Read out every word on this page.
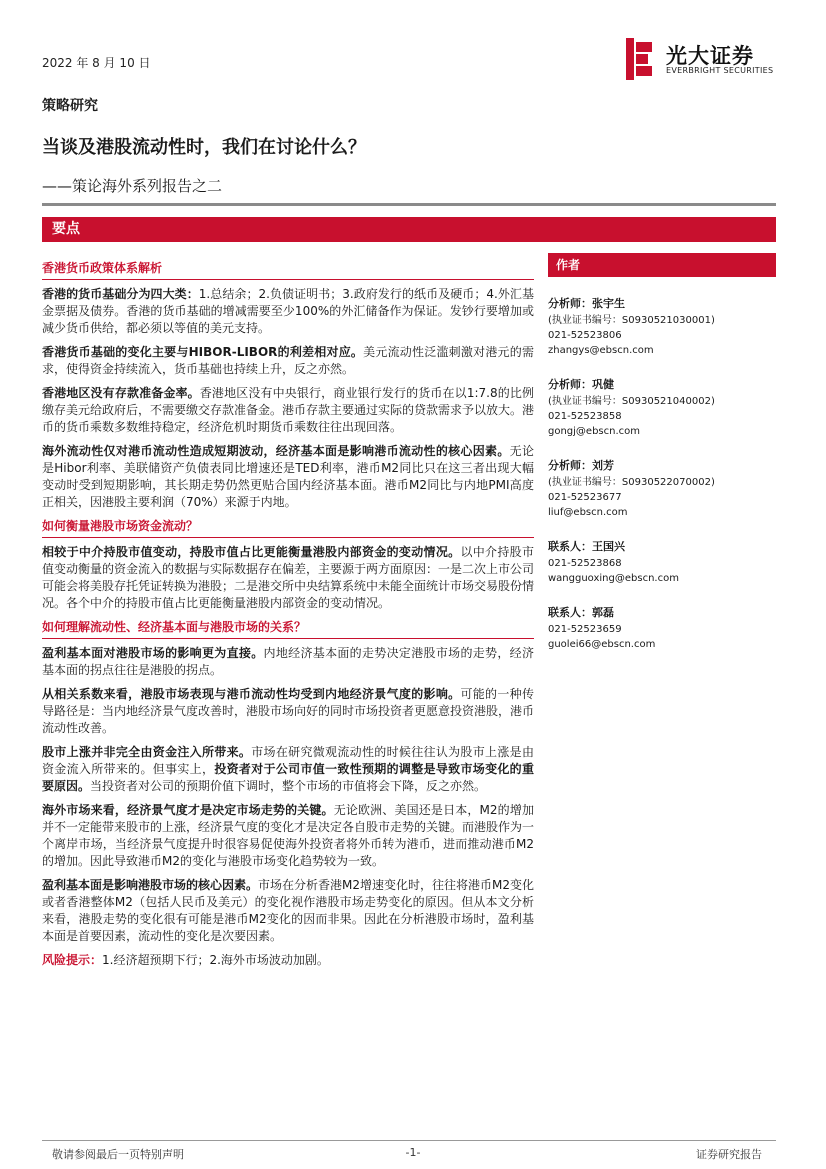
2022 年 8 月 10 日	光大证券
EVERBRIGHT SECURITIES
策略研究
当谈及港股流动性时，我们在讨论什么？
——策论海外系列报告之二
要点
香港货币政策体系解析

香港的货币基础分为四大类：1.总结余；2.负债证明书；3.政府发行的纸币及硬币；4.外汇基金票据及债券。香港的货币基础的增减需要至少100%的外汇储备作为保证。发钞行要增加或减少货币供给，都必须以等值的美元支持。

香港货币基础的变化主要与HIBOR-LIBOR的利差相对应。美元流动性泛滥刺激对港元的需求，使得资金持续流入，货币基础也持续上升，反之亦然。

香港地区没有存款准备金率。香港地区没有中央银行，商业银行发行的货币在以1:7.8的比例缴存美元给政府后，不需要缴交存款准备金。港币存款主要通过实际的贷款需求予以放大。港币的货币乘数多数维持稳定，经济危机时期货币乘数往往出现回落。

海外流动性仅对港币流动性造成短期波动，经济基本面是影响港币流动性的核心因素。无论是Hibor利率、美联储资产负债表同比增速还是TED利率，港币M2同比只在这三者出现大幅变动时受到短期影响，其长期走势仍然更贴合国内经济基本面。港币M2同比与内地PMI高度正相关，因港股主要利润（70%）来源于内地。

如何衡量港股市场资金流动？

相较于中介持股市值变动，持股市值占比更能衡量港股内部资金的变动情况。以中介持股市值变动衡量的资金流入的数据与实际数据存在偏差，主要源于两方面原因：一是二次上市公司可能会将美股存托凭证转换为港股；二是港交所中央结算系统中未能全面统计市场交易股份情况。各个中介的持股市值占比更能衡量港股内部资金的变动情况。

如何理解流动性、经济基本面与港股市场的关系？

盈利基本面对港股市场的影响更为直接。内地经济基本面的走势决定港股市场的走势，经济基本面的拐点往往是港股的拐点。

从相关系数来看，港股市场表现与港币流动性均受到内地经济景气度的影响。可能的一种传导路径是：当内地经济景气度改善时，港股市场向好的同时市场投资者更愿意投资港股，港币流动性改善。

股市上涨并非完全由资金注入所带来。市场在研究微观流动性的时候往往认为股市上涨是由资金流入所带来的。但事实上，投资者对于公司市值一致性预期的调整是导致市场变化的重要原因。当投资者对公司的预期价值下调时，整个市场的市值将会下降，反之亦然。

海外市场来看，经济景气度才是决定市场走势的关键。无论欧洲、美国还是日本，M2的增加并不一定能带来股市的上涨，经济景气度的变化才是决定各自股市走势的关键。而港股作为一个离岸市场，当经济景气度提升时很容易促使海外投资者将外币转为港币，进而推动港币M2的增加。因此导致港币M2的变化与港股市场变化趋势较为一致。

盈利基本面是影响港股市场的核心因素。市场在分析香港M2增速变化时，往往将港币M2变化或者香港整体M2（包括人民币及美元）的变化视作港股市场走势变化的原因。但从本文分析来看，港股走势的变化很有可能是港币M2变化的因而非果。因此在分析港股市场时，盈利基本面是首要因素，流动性的变化是次要因素。

风险提示：1.经济超预期下行；2.海外市场波动加剧。
作者
分析师：张宇生
(执业证书编号：S0930521030001)
021-52523806
zhangys@ebscn.com
分析师：巩健
(执业证书编号：S0930521040002)
021-52523858
gongj@ebscn.com
分析师：刘芳
(执业证书编号：S0930522070002)
021-52523677
liuf@ebscn.com
联系人：王国兴
021-52523868
wangguoxing@ebscn.com
联系人：郭磊
021-52523659
guolei66@ebscn.com
敬请参阅最后一页特别声明	-1-	证券研究报告
